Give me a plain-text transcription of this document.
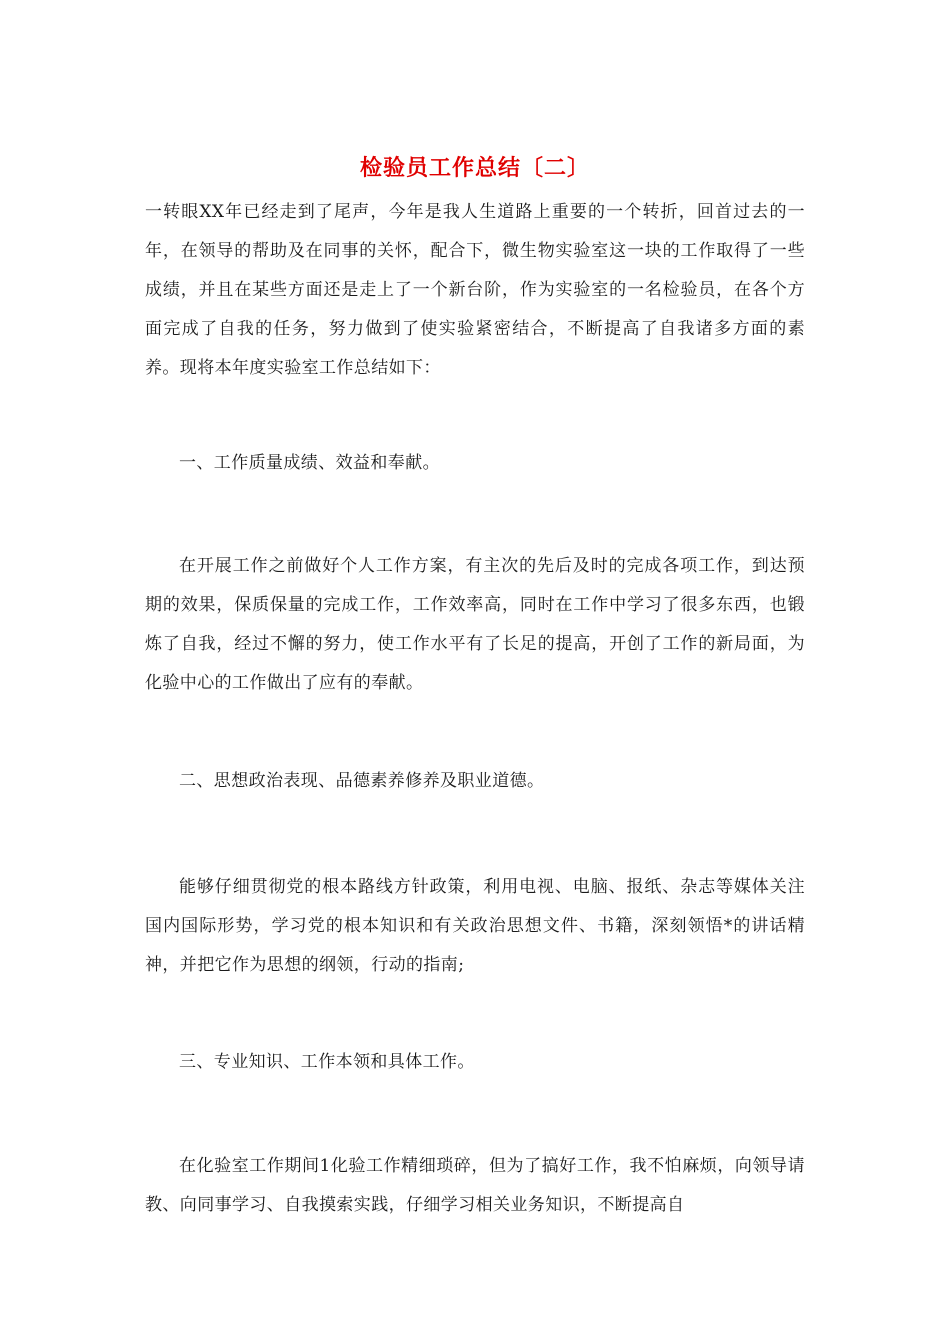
检验员工作总结〔二〕

一转眼XX年已经走到了尾声，今年是我人生道路上重要的一个转折，回首过去的一年，在领导的帮助及在同事的关怀，配合下，微生物实验室这一块的工作取得了一些成绩，并且在某些方面还是走上了一个新台阶，作为实验室的一名检验员，在各个方面完成了自我的任务，努力做到了使实验紧密结合，不断提高了自我诸多方面的素养。现将本年度实验室工作总结如下：

一、工作质量成绩、效益和奉献。

在开展工作之前做好个人工作方案，有主次的先后及时的完成各项工作，到达预期的效果，保质保量的完成工作，工作效率高，同时在工作中学习了很多东西，也锻炼了自我，经过不懈的努力，使工作水平有了长足的提高，开创了工作的新局面，为化验中心的工作做出了应有的奉献。

二、思想政治表现、品德素养修养及职业道德。

能够仔细贯彻党的根本路线方针政策，利用电视、电脑、报纸、杂志等媒体关注国内国际形势，学习党的根本知识和有关政治思想文件、书籍，深刻领悟*的讲话精神，并把它作为思想的纲领，行动的指南;

三、专业知识、工作本领和具体工作。

在化验室工作期间1化验工作精细琐碎，但为了搞好工作，我不怕麻烦，向领导请教、向同事学习、自我摸索实践，仔细学习相关业务知识，不断提高自
